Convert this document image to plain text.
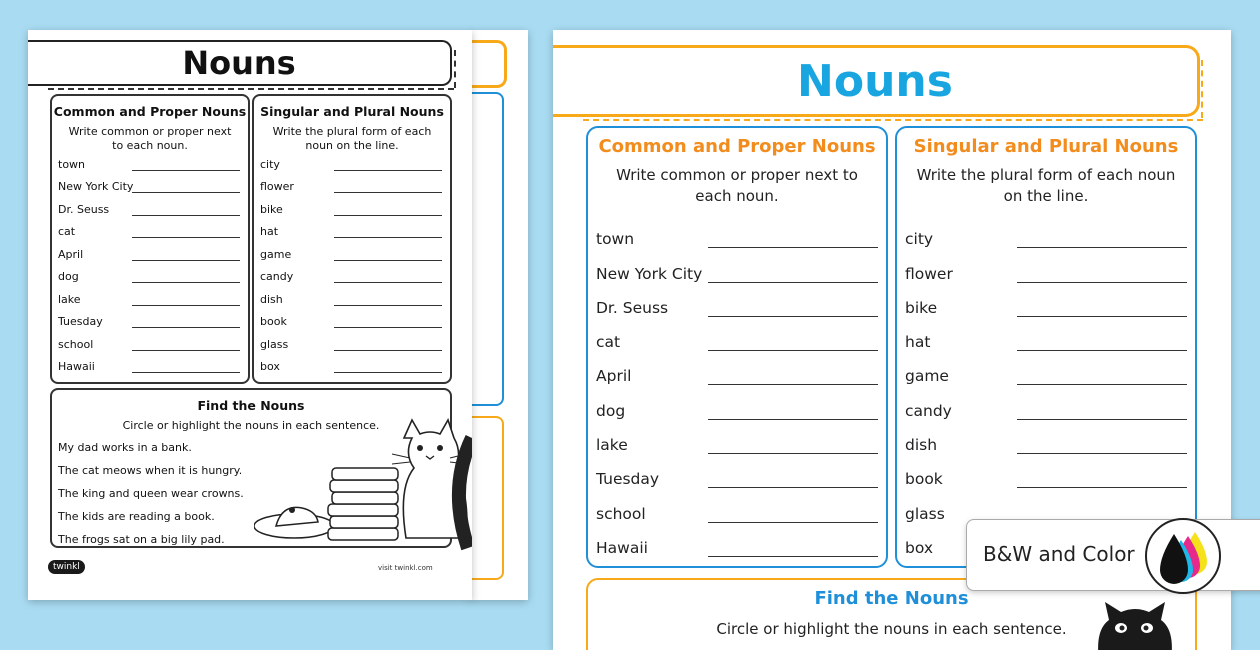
Nouns
Common and Proper Nouns
Write common or proper next to each noun.
town
New York City
Dr. Seuss
cat
April
dog
lake
Tuesday
school
Hawaii
Singular and Plural Nouns
Write the plural form of each noun on the line.
city
flower
bike
hat
game
candy
dish
book
glass
box
Find the Nouns
Circle or highlight the nouns in each sentence.
My dad works in a bank.
The cat meows when it is hungry.
The king and queen wear crowns.
The kids are reading a book.
The frogs sat on a big lily pad.
twinkl	visit twinkl.com
Nouns
Common and Proper Nouns
Write common or proper next to each noun.
town
New York City
Dr. Seuss
cat
April
dog
lake
Tuesday
school
Hawaii
Singular and Plural Nouns
Write the plural form of each noun on the line.
city
flower
bike
hat
game
candy
dish
book
glass
box
Find the Nouns
Circle or highlight the nouns in each sentence.
B&W and Color
